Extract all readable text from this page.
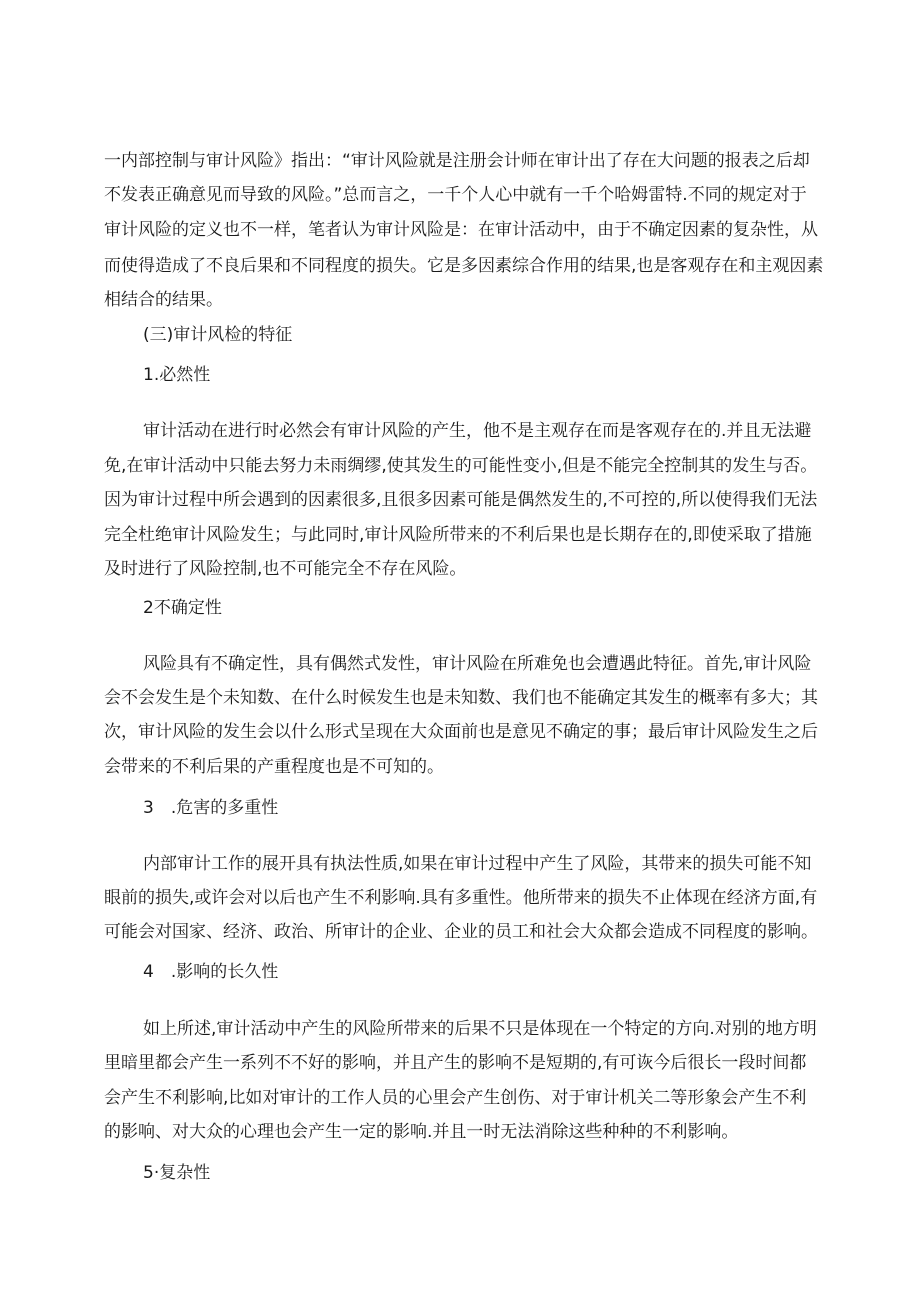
一内部控制与审计风险》指出：“审计风险就是注册会计师在审计出了存在大问题的报表之后却
不发表正确意见而导致的风险。”总而言之，一千个人心中就有一千个哈姆雷特.不同的规定对于
审计风险的定义也不一样，笔者认为审计风险是：在审计活动中，由于不确定因素的复杂性，从
而使得造成了不良后果和不同程度的损失。它是多因素综合作用的结果,也是客观存在和主观因素
相结合的结果。
(三)审计风检的特征
1.必然性
审计活动在进行时必然会有审计风险的产生，他不是主观存在而是客观存在的.并且无法避
免,在审计活动中只能去努力未雨绸缪,使其发生的可能性变小,但是不能完全控制其的发生与否。
因为审计过程中所会遇到的因素很多,且很多因素可能是偶然发生的,不可控的,所以使得我们无法
完全杜绝审计风险发生；与此同时,审计风险所带来的不利后果也是长期存在的,即使采取了措施
及时进行了风险控制,也不可能完全不存在风险。
2不确定性
风险具有不确定性，具有偶然式发性，审计风险在所难免也会遭遇此特征。首先,审计风险
会不会发生是个未知数、在什么时候发生也是未知数、我们也不能确定其发生的概率有多大；其
次，审计风险的发生会以什么形式呈现在大众面前也是意见不确定的事；最后审计风险发生之后
会带来的不利后果的产重程度也是不可知的。
3　.危害的多重性
内部审计工作的展开具有执法性质,如果在审计过程中产生了风险，其带来的损失可能不知
眼前的损失,或许会对以后也产生不利影响.具有多重性。他所带来的损失不止体现在经济方面,有
可能会对国家、经济、政治、所审计的企业、企业的员工和社会大众都会造成不同程度的影响。
4　.影响的长久性
如上所述,审计活动中产生的风险所带来的后果不只是体现在一个特定的方向.对别的地方明
里暗里都会产生一系列不不好的影响，并且产生的影响不是短期的,有可诙今后很长一段时间都
会产生不利影响,比如对审计的工作人员的心里会产生创伤、对于审计机关二等形象会产生不利
的影响、对大众的心理也会产生一定的影响.并且一时无法消除这些种种的不利影响。
5·复杂性
